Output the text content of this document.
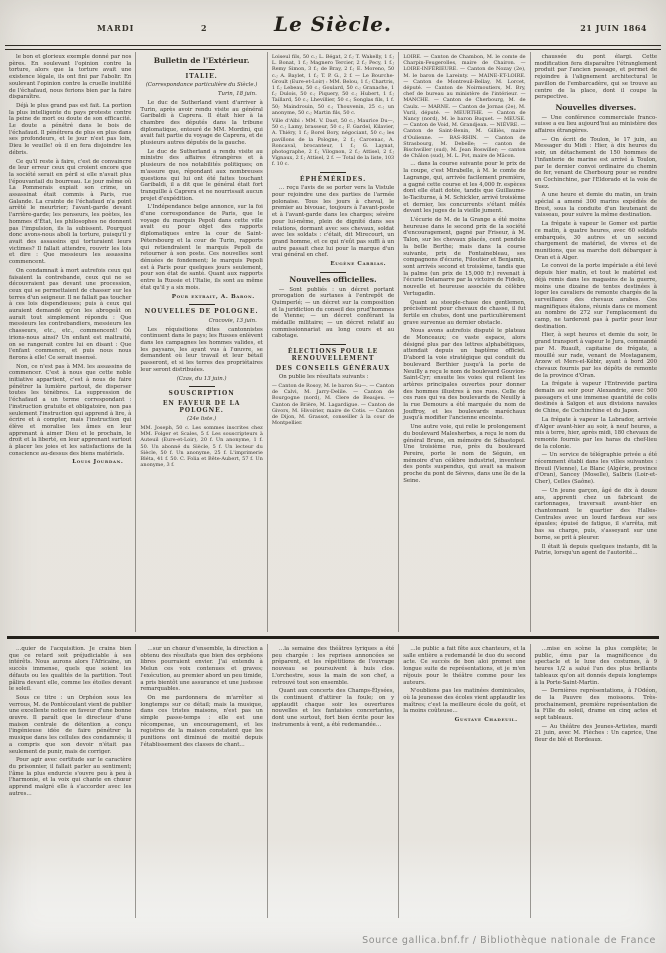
MARDI	2	Le Siècle.	21 JUIN 1864
le bon et glorieux exemple donné par nos pères. En soulevant l'opinion contre la torture, alors que la torture avait une existence légale, ils ont fini par l'abolir. En soulevant l'opinion contre la cruelle inutilité de l'échafaud, nous ferions bien par la faire disparaître.
Déjà le plus grand pas est fait. La portion la plus intelligente du pays proteste contre la peine de mort ou doute de son efficacité. Le doute a pénétré dans le bois de l'échafaud. Il pénétrera de plus en plus dans ses profondeurs, et le jour n'est pas loin, Dieu le veuille! où il en fera disjoindre les débris.
Ce qu'il reste à faire, c'est de convaincre de leur erreur ceux qui croient encore que la société serait en péril si elle n'avait plus l'épouvantail du bourreau. Le jour même où La Pommerais expiait son crime, un assassinat était commis à Paris, rue Galande. La crainte de l'échafaud n'a point arrêté le meurtrier; l'avant-garde devant l'arrière-garde; les penseurs, les poètes, les hommes d'État, les philosophes ne donnent pas l'impulsion, ils la subissent. Pourquoi donc avons-nous aboli la torture, puisqu'il y avait des assassins qui torturaient leurs victimes? Il fallait attendre, rouvrir les lois et dire : Que messieurs les assassins commencent.
On condamnait à mort autrefois ceux qui faisaient la contrebande, ceux qui ne se découvraient pas devant une procession, ceux qui se permettaient de chasser sur les terres d'un seigneur. Il ne fallait pas toucher à ces lois dispendieuses; puis à ceux qui auraient demandé qu'on les abrogeât on aurait tout simplement répondu : Que messieurs les contrebandiers, messieurs les chasseurs, etc., etc., commencent! Où irions-nous ainsi? Un enfant est maltraité, on se rangerait contre lui en disant : Que l'enfant commence, et puis nous nous fierons à elle! Ce serait insensé.
Non, ce n'est pas à MM. les assassins de commencer. C'est à nous que cette noble initiative appartient, c'est à nous de faire pénétrer la lumière partout, de disperser toutes les ténèbres. La suppression de l'échafaud a un terme correspondant : l'instruction gratuite et obligatoire, non pas seulement l'instruction qui apprend à lire, à écrire et à compter, mais l'instruction qui élève et moralise les âmes en leur apprenant à aimer Dieu et le prochain, le droit et la liberté, en leur apprenant surtout à placer les joies et les satisfactions de la conscience au-dessus des biens matériels.
Louis Jourdan.
Bulletin de l'Extérieur.
ITALIE.
(Correspondance particulière du Siècle.)
Turin, 18 juin.
Le duc de Sutherland vient d'arriver à Turin, après avoir rendu visite au général Garibaldi à Caprera. Il était hier à la chambre des députés dans la tribune diplomatique, entouré de MM. Mordini, qui avait fait partie du voyage de Caprera, et de plusieurs autres députés de la gauche.
Le duc de Sutherland a rendu visite au ministre des affaires étrangères et à plusieurs de nos notabilités politiques; on m'assure que, répondant aux nombreuses questions qui lui ont été faites touchant Garibaldi, il a dit que le général était fort tranquille à Caprera et ne nourrissait aucun projet d'expédition.
L'Indépendance belge annonce, sur la foi d'une correspondance de Paris, que le voyage du marquis Pepoli dans cette ville avait eu pour objet des rapports diplomatiques entre la cour de Saint-Pétersbourg et la cour de Turin, rapports qui retiendraient le marquis Pepoli de retourner à son poste. Ces nouvelles sont dénuées de fondement; le marquis Pepoli est à Paris pour quelques jours seulement, pour son état de santé. Quant aux rapports entre la Russie et l'Italie, ils sont au même état qu'il y a six mois.
Pour extrait, A. Baron.
NOUVELLES DE POLOGNE.
Cracovie, 13 juin.
Les réquisitions dites cantonnistes continuent dans le pays; les Russes enlèvent dans les campagnes les hommes valides, et les paysans, les ayant vus à l'œuvre, se demandent où leur travail et leur bétail passeront, et si les terres des propriétaires leur seront distribuées.
(Czas, du 13 juin.)
SOUSCRIPTION
EN FAVEUR DE LA POLOGNE.
(24e liste.)
MM. Joseph, 50 c. Les sommes inscrites chez MM. Folger et Scales, 5 f. Les souscripteurs à Auteuil (Eure-et-Loir), 20 f. Un anonyme, 1 f. 50. Un abonné du Siècle, 5 f. Un lecteur du Siècle, 50 f. Un anonyme, 25 f. L'imprimerie Bléta, 41 f. 50. C. Folia et Bête-Aubert, 57 f. Un anonyme, 3 f.
Loiseul fils, 50 c.; L. Bégat, 2 f.; T. Wakelly, 1 f.; L. Bonat, 1 f.; Magnero Tercier, 2 f.; Pecy, 1 f.; Remy Simon, 3 f.; de Bray, 2 f.; E. Moreno, 50 c.; A. Baylet, 1 f.; T. P. G., 2 f. — Le Bourche-Groult (Eure-et-Loir) : MM. Belou, 1 f.; Chartris, 1 f.; Lebeau, 50 c.; Goulard, 50 c.; Granache, 1 f.; Dulois, 50 c.; Piquery, 50 c.; Hubert, 1 f.; Taillard, 50 c.; Lhevillier, 50 c.; Songlas fils, 1 f. 50; Maindrouin, 50 c.; Thouvenin, 25 c.; un anonyme, 50 c.; Martin fils, 50 c.
Ville d'Albi : MM. V. Dast, 50 c.; Maurice Du—, 50 c.; Lamy, brasseur, 50 c.; F. Gardel, Kilavier, A. Thiéry, 1 f.; Borel Bory, négociant, 50 c.; les pavillons de la Pologne, 2 f.; Carcenac, A. Roncaval, brocanteur, 1 f.; G. Laynat, photographe, 2 f.; Vilognon, 2 f.; Attisel, 2 f.; Vignaux, 2 f.; Attisel, 2 f. — Total de la liste, 103 f. 10 c.
ÉPHÉMÉRIDES.
… reçu l'avis de se porter vers la Vistule pour rejoindre une des parties de l'armée polonaise. Tous les jours à cheval, le premier au bivouac, toujours à l'avant-poste et à l'avant-garde dans les charges; sévère pour lui-même, plein de dignité dans ses relations, dormant avec ses chevaux, soldat avec les soldats : c'était, dit Mirecourt, un grand homme, et ce qui n'eût pas suffi à un autre passait chez lui pour la marque d'un vrai général en chef.
Eugène Carrias.
Nouvelles officielles.
— Sont publiés : un décret portant prorogation de surtaxes à l'entrepôt de Quimperlé; — un décret sur la composition et la juridiction du conseil des prud'hommes de Vienne; — un décret conférant la médaille militaire; — un décret relatif au commissionnariat au long cours et au cabotage.
ÉLECTIONS POUR LE RENOUVELLEMENT
DES CONSEILS GÉNÉRAUX
On publie les résultats suivants :
— Canton de Rosoy, M. le baron Su—. — Canton de Calvi, M. Jarry-Delile. — Canton de Bourgogne (nord), M. Clere de Beaujeu. — Canton de Brière, M. Lagardigue. — Canton de Givors, M. Hivoirier, maire de Cotis. — Canton de Dijon, M. Grassot, conseiller à la cour de Montpellier.
LOIRE. — Canton de Chambon, M. le comte de Charpin-Feugerolles, maire de Chairon. — LOIRE-INFÉRIEURE. — Canton de Nozay (2e), M. le baron de Lareinty. — MAINE-ET-LOIRE. — Canton de Montreuil-Bellay, M. Lorcet, député. — Canton de Noirmoutiers, M. Bry, chef de bureau au ministère de l'intérieur. — MANCHE. — Canton de Cherbourg, M. de Caulx. — MARNE. — Canton de Jornas (2e), M. Vuril, député. — MEURTHE. — Canton de Nancy (nord), M. le baron Buquet. — MEUSE. — Canton de Void, M. Grandjean. — NIÈVRE. — Canton de Saint-Benin, M. Gilliès, maire d'Oulienne. — BAS-RHIN. — Canton de Strasbourg, M. Debelle; — canton de Bischwiller (sud), M. Jean Boswiller; — canton de Châlon (sud), M. L. Pot, maire de Mâcon.
… dans la course suivante pour le prix de la coupe, c'est Mirabelle, à M. le comte de Lagrange, qui, arrivée facilement première, a gagné cette course et les 4,000 fr. espèces dont elle était dotée, tandis que Guillaume-le-Taciturne, à M. Schickler, arrivé troisième et dernier, les concurrents s'étant mêlés devant les juges de la vieille jument.
L'écurie de M. de la Grange a été moins heureuse dans le second prix de la société d'encouragement, gagné par Friseur, à M. Talon, sur les chevaux placés, cent pendule la belle Berthe; mais dans la course suivante, prix de Fontainebleau, ses compagnons d'écurie, Filoutier et Benjamin, sont arrivés second et troisième, tandis que la palme (un prix de 15,000 fr.) revenait à l'écurie Delamarre par la victoire de Fidelio, nouvelle et heureuse associée du célèbre Vertugadin.
Quant au steeple-chase des gentlemen, précisément pour chevaux de chasse, il fut fertile en chutes, dont une particulièrement grave survenue au dernier obstacle.
Nous avons autrefois disputé le plateau de Monceaux; ce vaste espace, alors désigné plus par des lettres alphabétiques, attendait depuis un baptême officiel. D'abord la voie stratégique qui conduit du boulevard Berthier jusqu'à la porte de Neuilly a reçu le nom de boulevard Gouvion-Saint-Cyr; ensuite les voies qui relient les artères principales ouvertes pour donner des hommes illustres à nos rues. Celle de ces rues qui va des boulevards de Neuilly à la rue Demours a été marquée du nom de Jouffroy, et les boulevards maréchaux jusqu'à modifier l'ancienne enceinte.
Une autre voie, qui relie le prolongement du boulevard Malesherbes, a reçu le nom du général Brune, en mémoire de Sébastopol. Une troisième rue, près du boulevard Pereire, porte le nom de Séguin, en mémoire d'un célèbre industriel, inventeur des ponts suspendus, qui avait sa maison proche du pont de Sèvres, dans une île de la Seine.
chaussée du pont élargi. Cette modification fera disparaître l'étranglement produit par l'ancien passage, et permet de rejoindre à l'alignement architectural le pavillon de l'embarcadère, qui se trouve au centre de la place, dont il coupe la perspective.
Nouvelles diverses.
— Une conférence commerciale franco-suisse a eu lieu aujourd'hui au ministère des affaires étrangères.
— On écrit de Toulon, le 17 juin, au Messager du Midi : Hier, à dix heures du soir, un détachement de 150 hommes de l'infanterie de marine est arrivé à Toulon, par le dernier convoi ordinaire du chemin de fer, venant de Cherbourg pour se rendre en Cochinchine, par l'Eldorado et la voie de Suez.
A une heure et demie du matin, un train spécial a amené 300 marins expédiés de Brest, sous la conduite d'un lieutenant de vaisseau, pour suivre la même destination.
La frégate à vapeur le Gomer est partie ce matin, à quatre heures, avec 60 soldats embarqués, 30 autres et un second chargement de matériel, de vivres et de munitions, que sa marche doit débarquer à Oran et à Alger.
Le convoi de la porte impériale a été levé depuis hier matin, et tout le matériel est déjà remis dans les magasins de la guerre, moins une dizaine de tentes destinées à loger les cavaliers de remonte chargés de la surveillance des chevaux arabes. Ces magnifiques étalons, réunis dans ce moment au nombre de 272 sur l'emplacement du camp, ne tarderont pas à partir pour leur destination.
Hier, à sept heures et demie du soir, le grand transport à vapeur le Jura, commandé par M. Ruault, capitaine de frégate, a mouillé sur rade, venant de Mostaganem, Arzew et Mers-el-Kébir, ayant à bord 200 chevaux fournis par les dépôts de remonte de la province d'Oran.
La frégate à vapeur l'Entrevide partira demain au soir pour Alexandrie, avec 500 passagers et une immense quantité de colis destinés à Saïgon et aux divisions navales de Chine, de Cochinchine et du Japon.
La frégate à vapeur la Labrador, arrivée d'Alger avant-hier au soir, à neuf heures, a mis à terre, hier, après midi, 180 chevaux de remonte fournis par les haras du chef-lieu de la colonie.
— Un service de télégraphie privée a été récemment établi dans les villes suivantes : Breuil (Vienne), Le Blanc (Algérie, province d'Oran), Sancey (Moselle), Salbris (Loir-et-Cher), Celles (Saône).
— Un jeune garçon, âgé de dix à douze ans, apprenti chez un fabricant de cartonnages, traversait avant-hier en chantonnant le quartier des Halles-Centrales avec un lourd fardeau sur ses épaules; épuisé de fatigue, il s'arrêta, mit bas sa charge, puis, s'asseyant sur une borne, se prit à pleurer.
Il était là depuis quelques instants, dit la Patrie, lorsqu'un agent de l'autorité…
…quier de l'acquisition. Je crains bien que ce retard soit préjudiciable à ses intérêts. Nous aurons alors l'Africaine, un succès immense, quels que soient les défauts ou les qualités de la partition. Tout pâlira devant elle, comme les étoiles devant le soleil.
Sous ce titre : un Orphéon sous les verrous, M. de Pontécoulant vient de publier une excellente notice en faveur d'une bonne œuvre. Il paraît que le directeur d'une maison centrale de détention a conçu l'ingénieuse idée de faire pénétrer la musique dans les cellules des condamnés; il a compris que son devoir n'était pas seulement de punir, mais de corriger.
Pour agir avec certitude sur le caractère du prisonnier, il fallait parler au sentiment; l'âme la plus endurcie s'ouvre peu à peu à l'harmonie, et la voix qui chante en chœur apprend malgré elle à s'accorder avec les autres…
…sur un chœur d'ensemble, la direction a obtenu des résultats que bien des orphéons libres pourraient envier. J'ai entendu à Melun ces voix contenues et graves; l'exécution, au premier abord un peu timide, a pris bientôt une assurance et une justesse remarquables.
On me pardonnera de m'arrêter si longtemps sur ce détail; mais la musique, dans ces tristes maisons, n'est pas un simple passe-temps : elle est une récompense, un encouragement, et les registres de la maison constatent que les punitions ont diminué de moitié depuis l'établissement des classes de chant…
…la semaine des théâtres lyriques a été peu chargée : les reprises annoncées se préparent, et les répétitions de l'ouvrage nouveau se poursuivent à huis clos. L'orchestre, sous la main de son chef, a retrouvé tout son ensemble.
Quant aux concerts des Champs-Élysées, ils continuent d'attirer la foule; on y applaudit chaque soir les ouvertures nouvelles et les fantaisies concertantes, dont une surtout, fort bien écrite pour les instruments à vent, a été redemandée…
…le public a fait fête aux chanteurs, et la salle entière a redemandé le duo du second acte. Ce succès de bon aloi promet une longue suite de représentations, et je m'en réjouis pour le théâtre comme pour les auteurs.
N'oublions pas les matinées dominicales, où la jeunesse des écoles vient applaudir les maîtres; c'est la meilleure école du goût, et la moins coûteuse…
Gustave Chadeuil.
…mise en scène la plus complète; le public, ému par la magnificence du spectacle et le luxe des costumes, à 9 heures 1/2 a salué l'un des plus brillants tableaux qu'on ait donnés depuis longtemps à la Porte-Saint-Martin.
— Dernières représentations, à l'Odéon, de la Pauvre des moissons. Très-prochainement, première représentation de la Fille du soleil, drame en cinq actes et sept tableaux.
— Au théâtre des Jeunes-Artistes, mardi 21 juin, avec M. Flèches : Un caprice, Une fleur de blé et Bordeaux.
Source gallica.bnf.fr / Bibliothèque nationale de France
